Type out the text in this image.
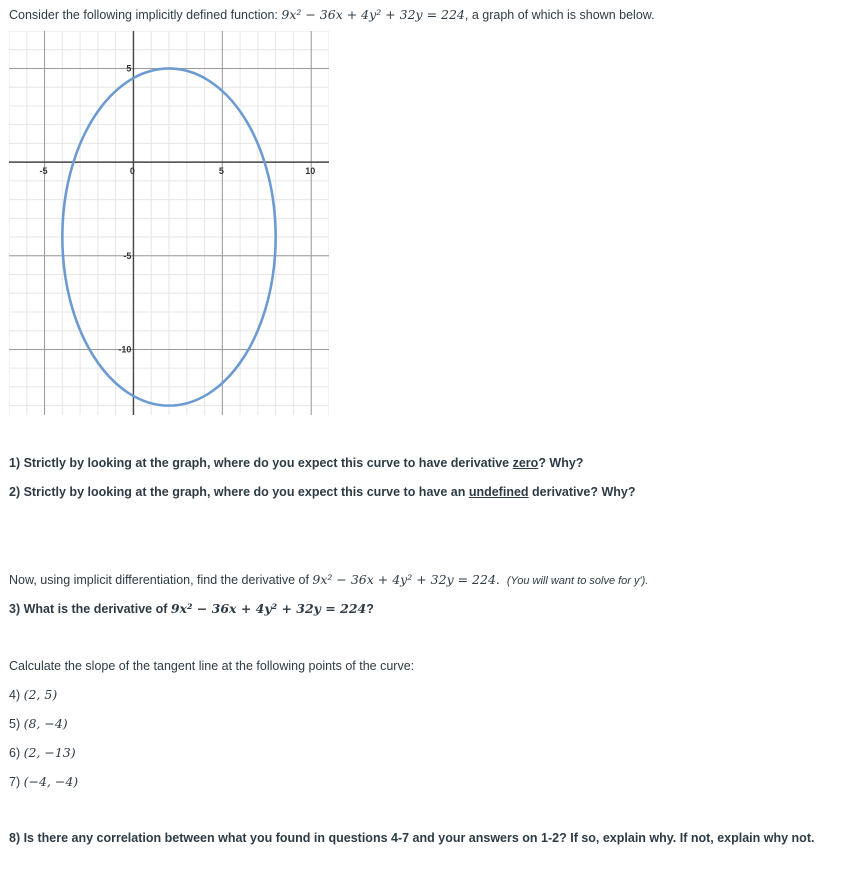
Consider the following implicitly defined function: 9x² − 36x + 4y² + 32y = 224, a graph of which is shown below.
-5	0	5	10
5
-5
-10
1) Strictly by looking at the graph, where do you expect this curve to have derivative zero? Why?
2) Strictly by looking at the graph, where do you expect this curve to have an undefined derivative? Why?
Now, using implicit differentiation, find the derivative of 9x² − 36x + 4y² + 32y = 224. (You will want to solve for y').
3) What is the derivative of 9x² − 36x + 4y² + 32y = 224?
Calculate the slope of the tangent line at the following points of the curve:
4) (2, 5)
5) (8, −4)
6) (2, −13)
7) (−4, −4)
8) Is there any correlation between what you found in questions 4-7 and your answers on 1-2? If so, explain why. If not, explain why not.
